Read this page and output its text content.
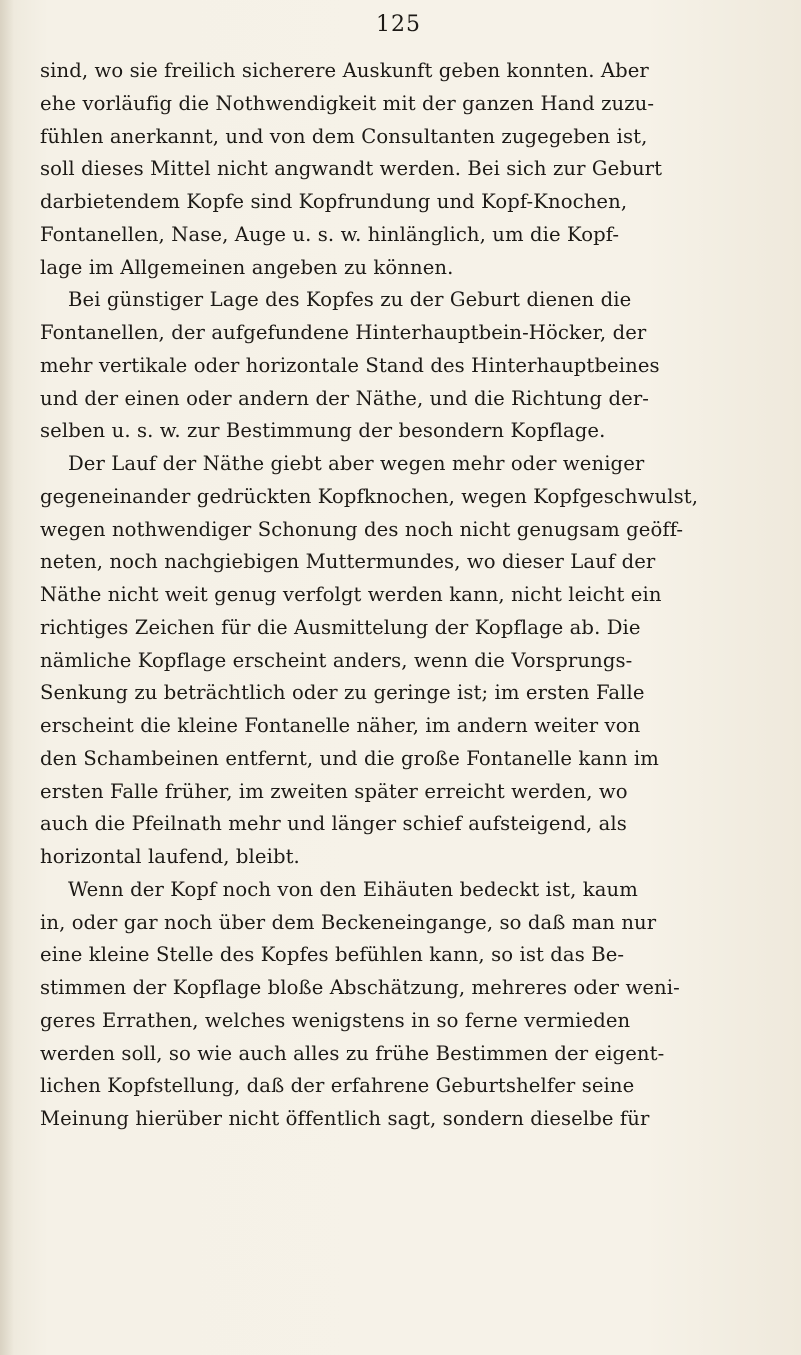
125
sind, wo sie freilich sicherere Auskunft geben konnten. Aber
ehe vorläufig die Nothwendigkeit mit der ganzen Hand zuzu-
fühlen anerkannt, und von dem Consultanten zugegeben ist,
soll dieses Mittel nicht angwandt werden. Bei sich zur Geburt
darbietendem Kopfe sind Kopfrundung und Kopf-Knochen,
Fontanellen, Nase, Auge u. s. w. hinlänglich, um die Kopf-
lage im Allgemeinen angeben zu können.
Bei günstiger Lage des Kopfes zu der Geburt dienen die
Fontanellen, der aufgefundene Hinterhauptbein-Höcker, der
mehr vertikale oder horizontale Stand des Hinterhauptbeines
und der einen oder andern der Näthe, und die Richtung der-
selben u. s. w. zur Bestimmung der besondern Kopflage.
Der Lauf der Näthe giebt aber wegen mehr oder weniger
gegeneinander gedrückten Kopfknochen, wegen Kopfgeschwulst,
wegen nothwendiger Schonung des noch nicht genugsam geöff-
neten, noch nachgiebigen Muttermundes, wo dieser Lauf der
Näthe nicht weit genug verfolgt werden kann, nicht leicht ein
richtiges Zeichen für die Ausmittelung der Kopflage ab. Die
nämliche Kopflage erscheint anders, wenn die Vorsprungs-
Senkung zu beträchtlich oder zu geringe ist; im ersten Falle
erscheint die kleine Fontanelle näher, im andern weiter von
den Schambeinen entfernt, und die große Fontanelle kann im
ersten Falle früher, im zweiten später erreicht werden, wo
auch die Pfeilnath mehr und länger schief aufsteigend, als
horizontal laufend, bleibt.
Wenn der Kopf noch von den Eihäuten bedeckt ist, kaum
in, oder gar noch über dem Beckeneingange, so daß man nur
eine kleine Stelle des Kopfes befühlen kann, so ist das Be-
stimmen der Kopflage bloße Abschätzung, mehreres oder weni-
geres Errathen, welches wenigstens in so ferne vermieden
werden soll, so wie auch alles zu frühe Bestimmen der eigent-
lichen Kopfstellung, daß der erfahrene Geburtshelfer seine
Meinung hierüber nicht öffentlich sagt, sondern dieselbe für
